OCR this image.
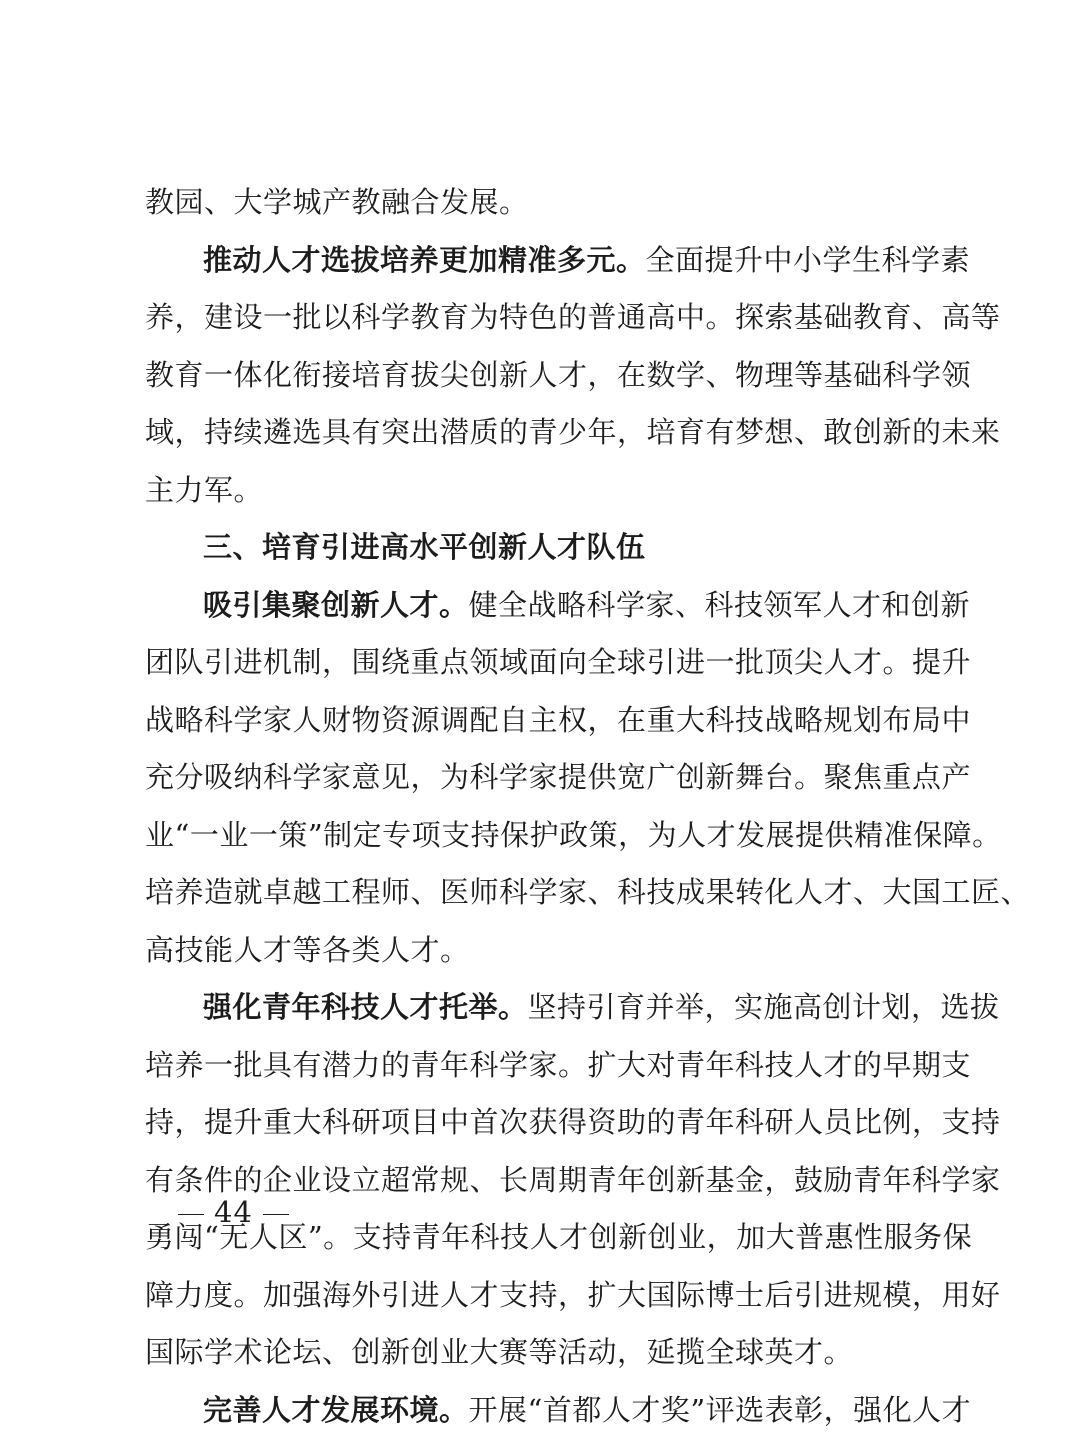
教园、大学城产教融合发展。
推动人才选拔培养更加精准多元。全面提升中小学生科学素
养，建设一批以科学教育为特色的普通高中。探索基础教育、高等
教育一体化衔接培育拔尖创新人才，在数学、物理等基础科学领
域，持续遴选具有突出潜质的青少年，培育有梦想、敢创新的未来
主力军。
三、培育引进高水平创新人才队伍
吸引集聚创新人才。健全战略科学家、科技领军人才和创新
团队引进机制，围绕重点领域面向全球引进一批顶尖人才。提升
战略科学家人财物资源调配自主权，在重大科技战略规划布局中
充分吸纳科学家意见，为科学家提供宽广创新舞台。聚焦重点产
业“一业一策”制定专项支持保护政策，为人才发展提供精准保障。
培养造就卓越工程师、医师科学家、科技成果转化人才、大国工匠、
高技能人才等各类人才。
强化青年科技人才托举。坚持引育并举，实施高创计划，选拔
培养一批具有潜力的青年科学家。扩大对青年科技人才的早期支
持，提升重大科研项目中首次获得资助的青年科研人员比例，支持
有条件的企业设立超常规、长周期青年创新基金，鼓励青年科学家
勇闯“无人区”。支持青年科技人才创新创业，加大普惠性服务保
障力度。加强海外引进人才支持，扩大国际博士后引进规模，用好
国际学术论坛、创新创业大赛等活动，延揽全球英才。
完善人才发展环境。开展“首都人才奖”评选表彰，强化人才
44
